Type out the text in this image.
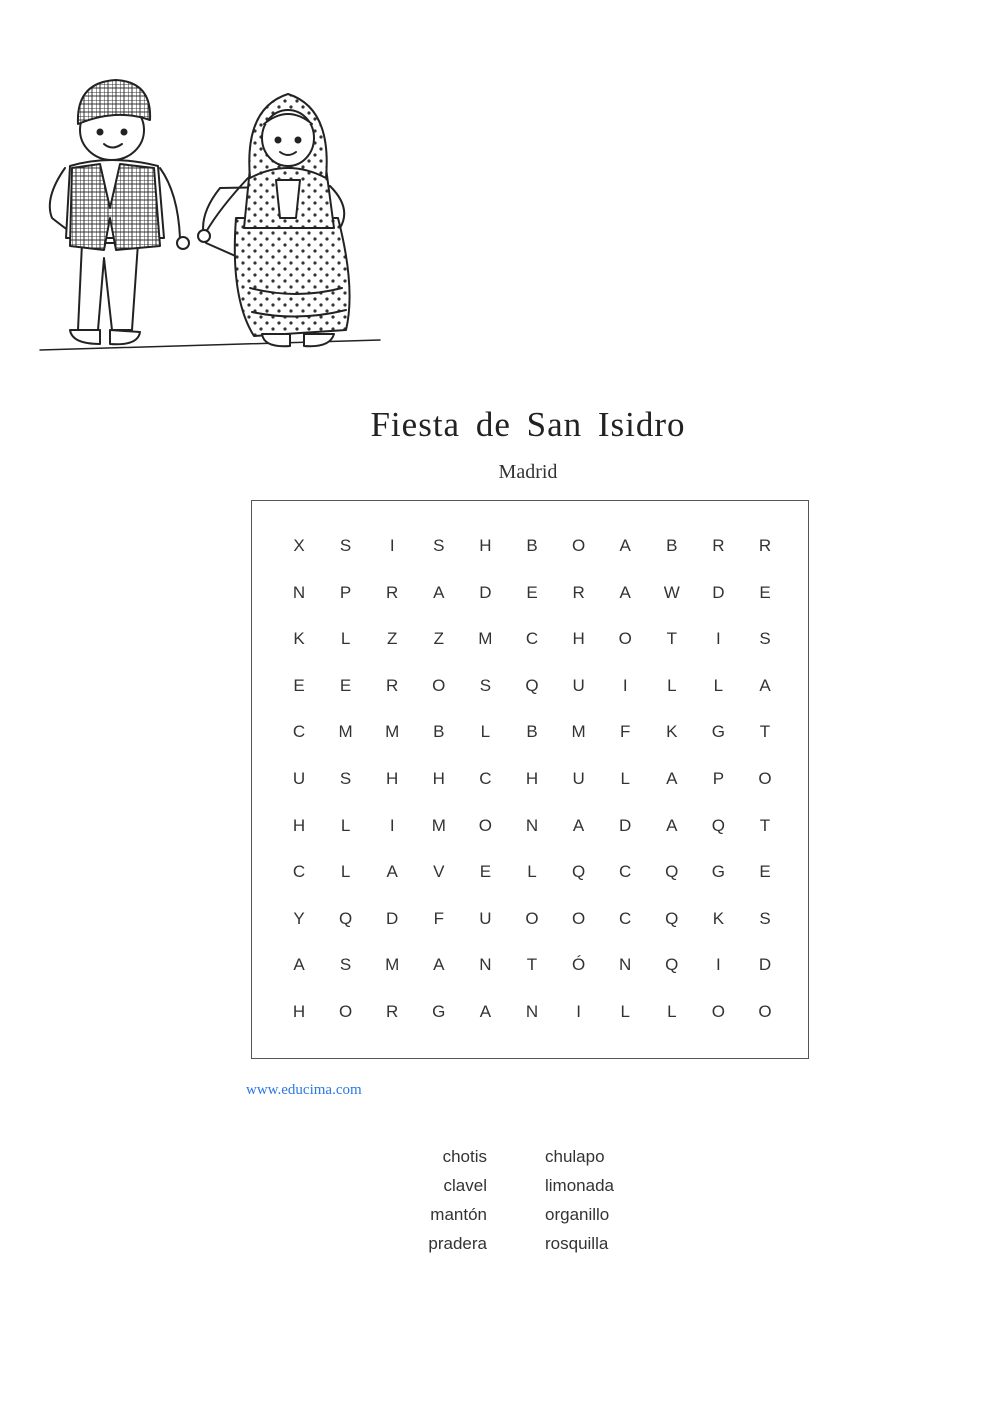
Fiesta de San Isidro
Madrid
X	S	I	S	H	B	O	A	B	R	R
N	P	R	A	D	E	R	A	W	D	E
K	L	Z	Z	M	C	H	O	T	I	S
E	E	R	O	S	Q	U	I	L	L	A
C	M	M	B	L	B	M	F	K	G	T
U	S	H	H	C	H	U	L	A	P	O
H	L	I	M	O	N	A	D	A	Q	T
C	L	A	V	E	L	Q	C	Q	G	E
Y	Q	D	F	U	O	O	C	Q	K	S
A	S	M	A	N	T	Ó	N	Q	I	D
H	O	R	G	A	N	I	L	L	O	O
www.educima.com
chotis
clavel
mantón
pradera
chulapo
limonada
organillo
rosquilla
